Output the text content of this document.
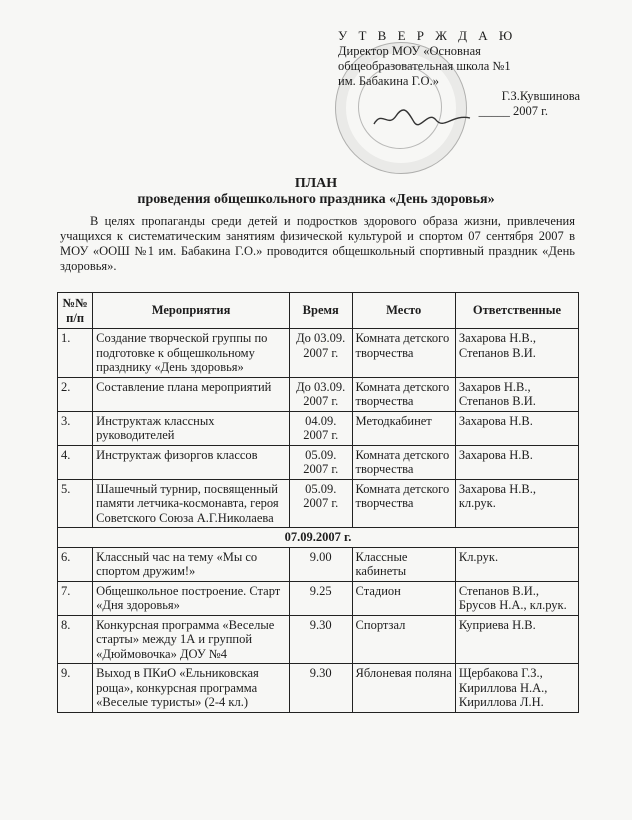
У Т В Е Р Ж Д А Ю
Директор МОУ «Основная
общеобразовательная школа №1
им. Бабакина Г.О.»
Г.З.Кувшинова
_____ 2007 г.
ПЛАН
проведения общешкольного праздника «День здоровья»
В целях пропаганды среди детей и подростков здорового образа жизни, привлечения учащихся к систематическим занятиям физической культурой и спортом 07 сентября 2007 в МОУ «ООШ №1 им. Бабакина Г.О.» проводится общешкольный спортивный праздник «День здоровья».
№№ п/п	Мероприятия	Время	Место	Ответственные
1.	Создание творческой группы по подготовке к общешкольному празднику «День здоровья»	До 03.09. 2007 г.	Комната детского творчества	Захарова Н.В., Степанов В.И.
2.	Составление плана мероприятий	До 03.09. 2007 г.	Комната детского творчества	Захаров Н.В., Степанов В.И.
3.	Инструктаж классных руководителей	04.09. 2007 г.	Методкабинет	Захарова Н.В.
4.	Инструктаж физоргов классов	05.09. 2007 г.	Комната детского творчества	Захарова Н.В.
5.	Шашечный турнир, посвященный памяти летчика-космонавта, героя Советского Союза А.Г.Николаева	05.09. 2007 г.	Комната детского творчества	Захарова Н.В., кл.рук.
07.09.2007 г.				
6.	Классный час на тему «Мы со спортом дружим!»	9.00	Классные кабинеты	Кл.рук.
7.	Общешкольное построение. Старт «Дня здоровья»	9.25	Стадион	Степанов В.И., Брусов Н.А., кл.рук.
8.	Конкурсная программа «Веселые старты» между 1А и группой «Дюймовочка» ДОУ №4	9.30	Спортзал	Куприева Н.В.
9.	Выход в ПКиО «Ельниковская роща», конкурсная программа «Веселые туристы» (2-4 кл.)	9.30	Яблоневая поляна	Щербакова Г.З., Кириллова Н.А., Кириллова Л.Н.
